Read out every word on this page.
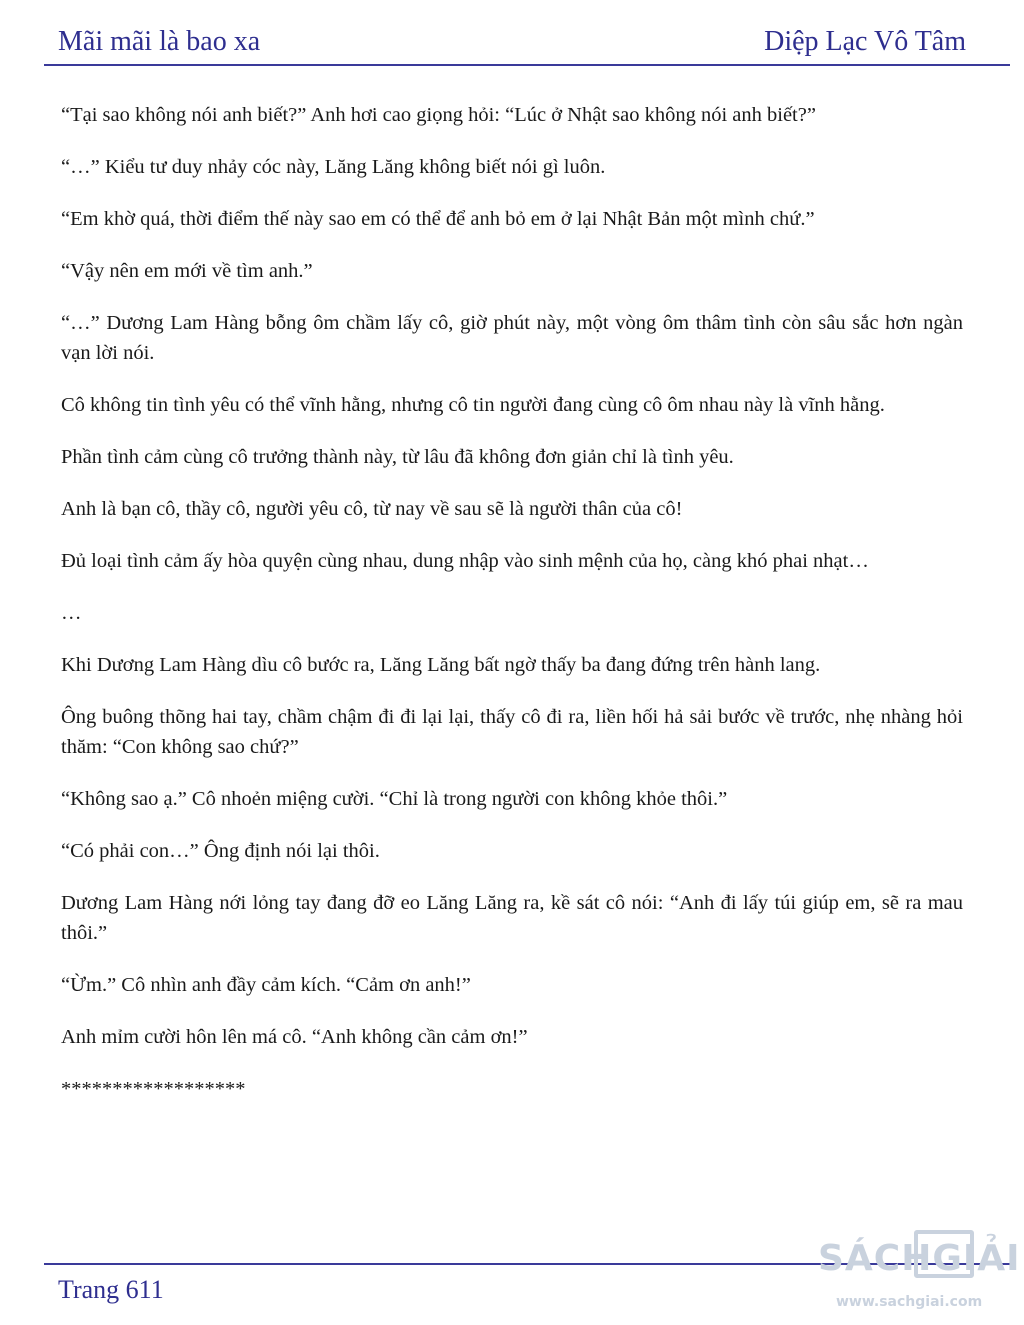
Mãi mãi là bao xa	Diệp Lạc Vô Tâm

“Tại sao không nói anh biết?” Anh hơi cao giọng hỏi: “Lúc ở Nhật sao không nói anh biết?”

“…” Kiểu tư duy nhảy cóc này, Lăng Lăng không biết nói gì luôn.

“Em khờ quá, thời điểm thế này sao em có thể để anh bỏ em ở lại Nhật Bản một mình chứ.”

“Vậy nên em mới về tìm anh.”

“…” Dương Lam Hàng bỗng ôm chầm lấy cô, giờ phút này, một vòng ôm thâm tình còn sâu sắc hơn ngàn vạn lời nói.

Cô không tin tình yêu có thể vĩnh hằng, nhưng cô tin người đang cùng cô ôm nhau này là vĩnh hằng.

Phần tình cảm cùng cô trưởng thành này, từ lâu đã không đơn giản chỉ là tình yêu.

Anh là bạn cô, thầy cô, người yêu cô, từ nay về sau sẽ là người thân của cô!

Đủ loại tình cảm ấy hòa quyện cùng nhau, dung nhập vào sinh mệnh của họ, càng khó phai nhạt…

…

Khi Dương Lam Hàng dìu cô bước ra, Lăng Lăng bất ngờ thấy ba đang đứng trên hành lang.

Ông buông thõng hai tay, chầm chậm đi đi lại lại, thấy cô đi ra, liền hối hả sải bước về trước, nhẹ nhàng hỏi thăm: “Con không sao chứ?”

“Không sao ạ.” Cô nhoẻn miệng cười. “Chỉ là trong người con không khỏe thôi.”

“Có phải con…” Ông định nói lại thôi.

Dương Lam Hàng nới lỏng tay đang đỡ eo Lăng Lăng ra, kề sát cô nói: “Anh đi lấy túi giúp em, sẽ ra mau thôi.”

“Ừm.” Cô nhìn anh đầy cảm kích. “Cảm ơn anh!”

Anh mỉm cười hôn lên má cô. “Anh không cần cảm ơn!”

******************

Trang 611
SÁCHGIẢI
www.sachgiai.com
